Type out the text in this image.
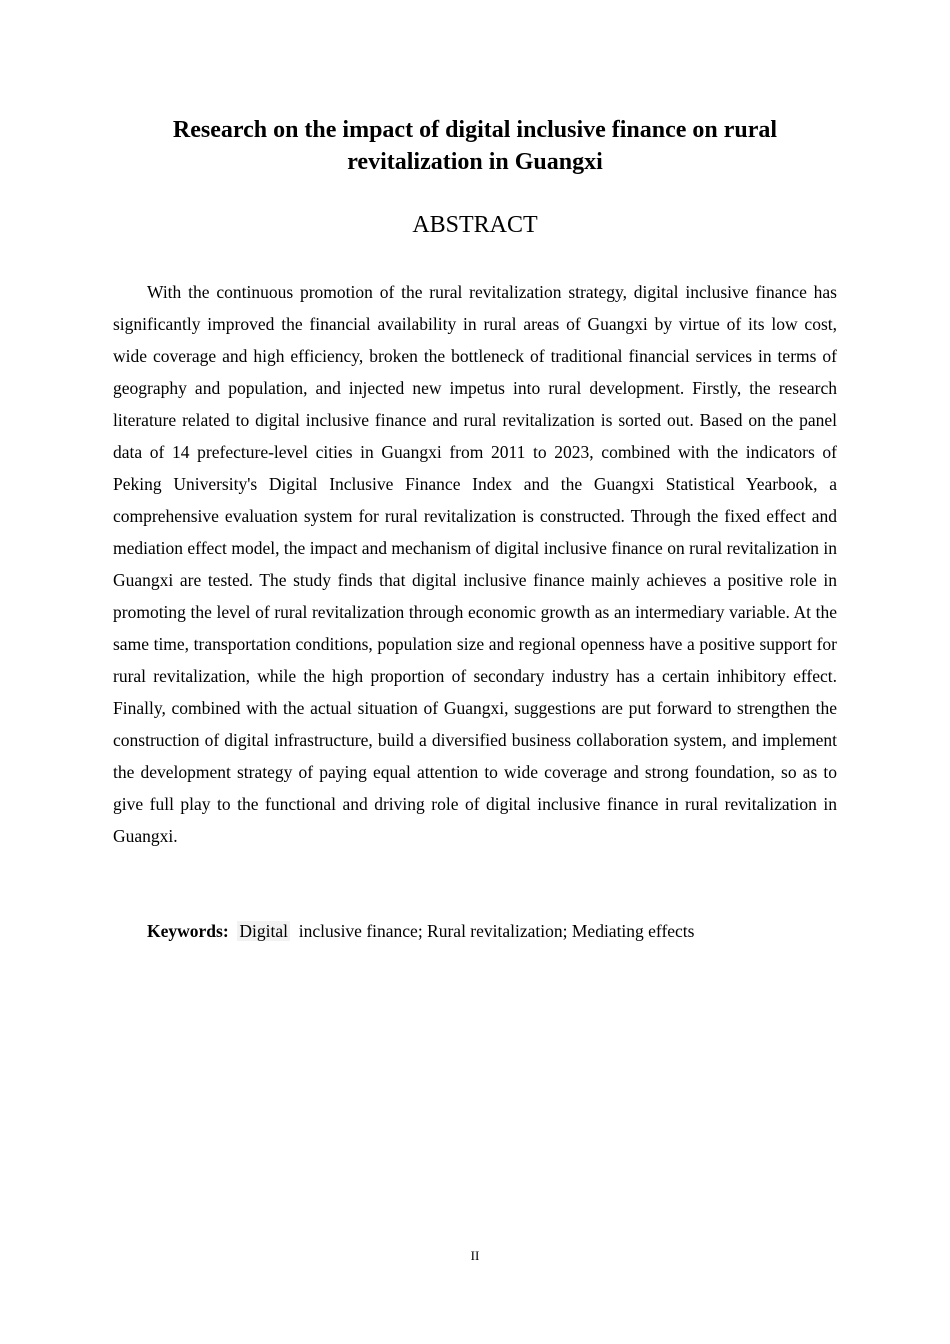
Research on the impact of digital inclusive finance on rural revitalization in Guangxi
ABSTRACT

With the continuous promotion of the rural revitalization strategy, digital inclusive finance has significantly improved the financial availability in rural areas of Guangxi by virtue of its low cost, wide coverage and high efficiency, broken the bottleneck of traditional financial services in terms of geography and population, and injected new impetus into rural development. Firstly, the research literature related to digital inclusive finance and rural revitalization is sorted out. Based on the panel data of 14 prefecture-level cities in Guangxi from 2011 to 2023, combined with the indicators of Peking University's Digital Inclusive Finance Index and the Guangxi Statistical Yearbook, a comprehensive evaluation system for rural revitalization is constructed. Through the fixed effect and mediation effect model, the impact and mechanism of digital inclusive finance on rural revitalization in Guangxi are tested. The study finds that digital inclusive finance mainly achieves a positive role in promoting the level of rural revitalization through economic growth as an intermediary variable. At the same time, transportation conditions, population size and regional openness have a positive support for rural revitalization, while the high proportion of secondary industry has a certain inhibitory effect. Finally, combined with the actual situation of Guangxi, suggestions are put forward to strengthen the construction of digital infrastructure, build a diversified business collaboration system, and implement the development strategy of paying equal attention to wide coverage and strong foundation, so as to give full play to the functional and driving role of digital inclusive finance in rural revitalization in Guangxi.

Keywords: Digital inclusive finance; Rural revitalization; Mediating effects

II
